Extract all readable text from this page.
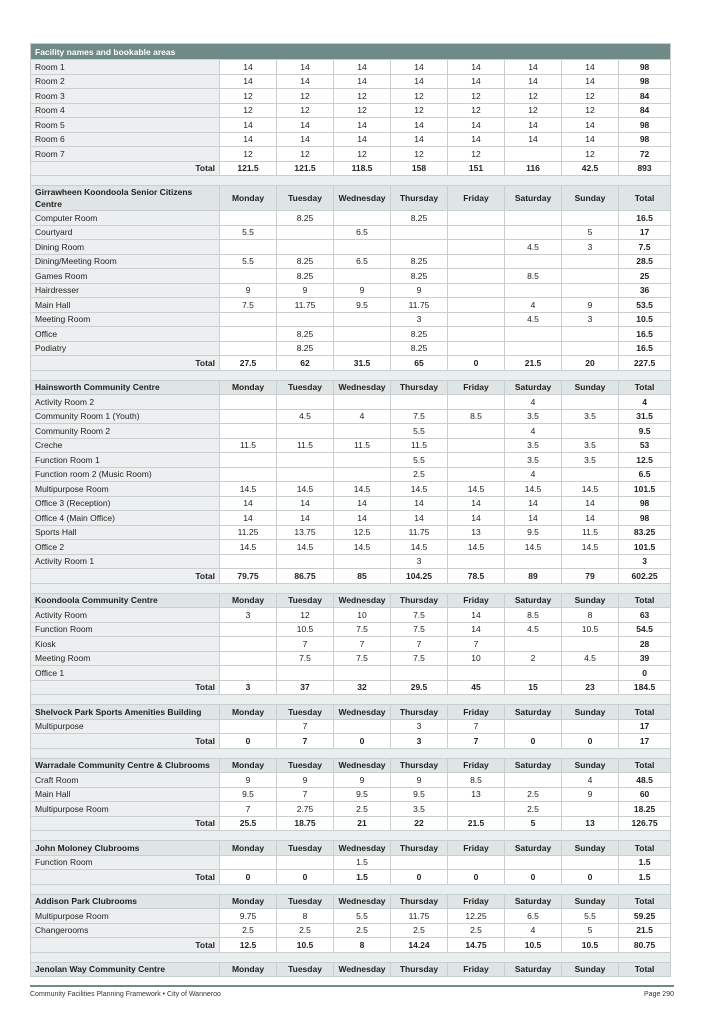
Facility names and bookable areas								
Room 1	14	14	14	14	14	14	14	98
Room 2	14	14	14	14	14	14	14	98
Room 3	12	12	12	12	12	12	12	84
Room 4	12	12	12	12	12	12	12	84
Room 5	14	14	14	14	14	14	14	98
Room 6	14	14	14	14	14	14	14	98
Room 7	12	12	12	12	12		12	72
Total	121.5	121.5	118.5	158	151	116	42.5	893

Girrawheen Koondoola Senior Citizens Centre	Monday	Tuesday	Wednesday	Thursday	Friday	Saturday	Sunday	Total
Computer Room		8.25		8.25				16.5
Courtyard	5.5		6.5				5	17
Dining Room						4.5	3	7.5
Dining/Meeting Room	5.5	8.25	6.5	8.25				28.5
Games Room		8.25		8.25		8.5		25
Hairdresser	9	9	9	9				36
Main Hall	7.5	11.75	9.5	11.75		4	9	53.5
Meeting Room				3		4.5	3	10.5
Office		8.25		8.25				16.5
Podiatry		8.25		8.25				16.5
Total	27.5	62	31.5	65	0	21.5	20	227.5

Hainsworth Community Centre	Monday	Tuesday	Wednesday	Thursday	Friday	Saturday	Sunday	Total
Activity Room 2						4		4
Community Room 1 (Youth)		4.5	4	7.5	8.5	3.5	3.5	31.5
Community Room 2				5.5		4		9.5
Creche	11.5	11.5	11.5	11.5		3.5	3.5	53
Function Room 1				5.5		3.5	3.5	12.5
Function room 2 (Music Room)				2.5		4		6.5
Multipurpose Room	14.5	14.5	14.5	14.5	14.5	14.5	14.5	101.5
Office 3 (Reception)	14	14	14	14	14	14	14	98
Office 4 (Main Office)	14	14	14	14	14	14	14	98
Sports Hall	11.25	13.75	12.5	11.75	13	9.5	11.5	83.25
Office 2	14.5	14.5	14.5	14.5	14.5	14.5	14.5	101.5
Activity Room 1				3				3
Total	79.75	86.75	85	104.25	78.5	89	79	602.25

Koondoola Community Centre	Monday	Tuesday	Wednesday	Thursday	Friday	Saturday	Sunday	Total
Activity Room	3	12	10	7.5	14	8.5	8	63
Function Room		10.5	7.5	7.5	14	4.5	10.5	54.5
Kiosk		7	7	7	7			28
Meeting Room		7.5	7.5	7.5	10	2	4.5	39
Office 1								0
Total	3	37	32	29.5	45	15	23	184.5

Shelvock Park Sports Amenities Building	Monday	Tuesday	Wednesday	Thursday	Friday	Saturday	Sunday	Total
Multipurpose		7		3	7			17
Total	0	7	0	3	7	0	0	17

Warradale Community Centre & Clubrooms	Monday	Tuesday	Wednesday	Thursday	Friday	Saturday	Sunday	Total
Craft Room	9	9	9	9	8.5		4	48.5
Main Hall	9.5	7	9.5	9.5	13	2.5	9	60
Multipurpose Room	7	2.75	2.5	3.5		2.5		18.25
Total	25.5	18.75	21	22	21.5	5	13	126.75

John Moloney Clubrooms	Monday	Tuesday	Wednesday	Thursday	Friday	Saturday	Sunday	Total
Function Room			1.5					1.5
Total	0	0	1.5	0	0	0	0	1.5

Addison Park Clubrooms	Monday	Tuesday	Wednesday	Thursday	Friday	Saturday	Sunday	Total
Multipurpose Room	9.75	8	5.5	11.75	12.25	6.5	5.5	59.25
Changerooms	2.5	2.5	2.5	2.5	2.5	4	5	21.5
Total	12.5	10.5	8	14.24	14.75	10.5	10.5	80.75

Jenolan Way Community Centre	Monday	Tuesday	Wednesday	Thursday	Friday	Saturday	Sunday	Total
Community Facilities Planning Framework • City of Wanneroo	Page 290
